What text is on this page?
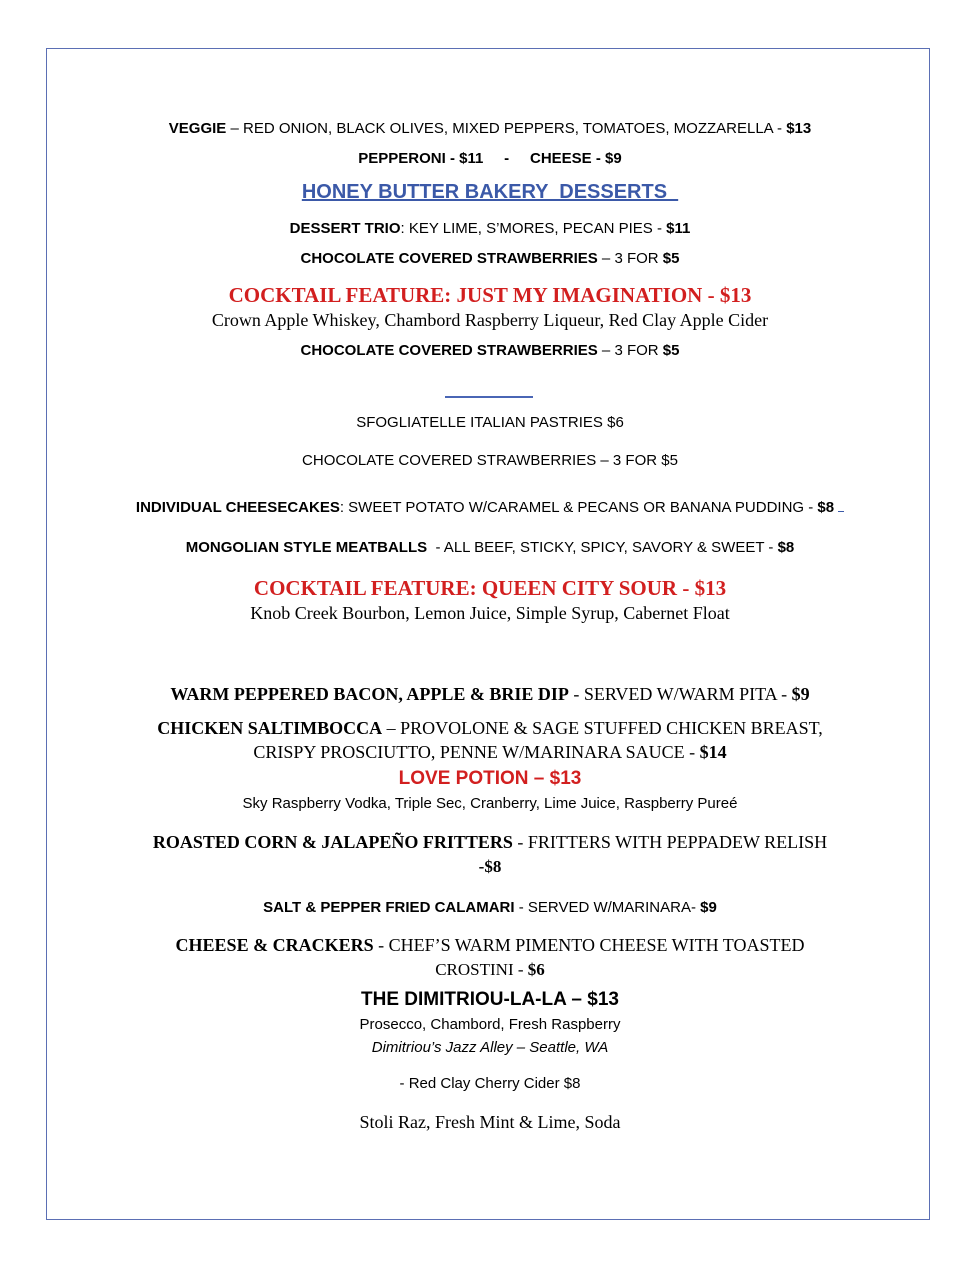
VEGGIE – RED ONION, BLACK OLIVES, MIXED PEPPERS, TOMATOES, MOZZARELLA - $13
PEPPERONI - $11     -     CHEESE - $9
HONEY BUTTER BAKERY  DESSERTS
DESSERT TRIO: KEY LIME, S’MORES, PECAN PIES - $11
CHOCOLATE COVERED STRAWBERRIES – 3 FOR $5
COCKTAIL FEATURE: JUST MY IMAGINATION - $13
Crown Apple Whiskey, Chambord Raspberry Liqueur, Red Clay Apple Cider
CHOCOLATE COVERED STRAWBERRIES – 3 FOR $5
SFOGLIATELLE ITALIAN PASTRIES $6
CHOCOLATE COVERED STRAWBERRIES – 3 FOR $5
INDIVIDUAL CHEESECAKES: SWEET POTATO W/CARAMEL & PECANS OR BANANA PUDDING - $8
MONGOLIAN STYLE MEATBALLS  - ALL BEEF, STICKY, SPICY, SAVORY & SWEET - $8
COCKTAIL FEATURE: QUEEN CITY SOUR - $13
Knob Creek Bourbon, Lemon Juice, Simple Syrup, Cabernet Float
WARM PEPPERED BACON, APPLE & BRIE DIP - SERVED W/WARM PITA - $9
CHICKEN SALTIMBOCCA – PROVOLONE & SAGE STUFFED CHICKEN BREAST,
CRISPY PROSCIUTTO, PENNE W/MARINARA SAUCE - $14
LOVE POTION – $13
Sky Raspberry Vodka, Triple Sec, Cranberry, Lime Juice, Raspberry Pureé
ROASTED CORN & JALAPEÑO FRITTERS - FRITTERS WITH PEPPADEW RELISH
-$8
SALT & PEPPER FRIED CALAMARI - SERVED W/MARINARA- $9
CHEESE & CRACKERS - CHEF’S WARM PIMENTO CHEESE WITH TOASTED
CROSTINI - $6
THE DIMITRIOU-LA-LA – $13
Prosecco, Chambord, Fresh Raspberry
Dimitriou’s Jazz Alley – Seattle, WA
- Red Clay Cherry Cider $8
Stoli Raz, Fresh Mint & Lime, Soda
